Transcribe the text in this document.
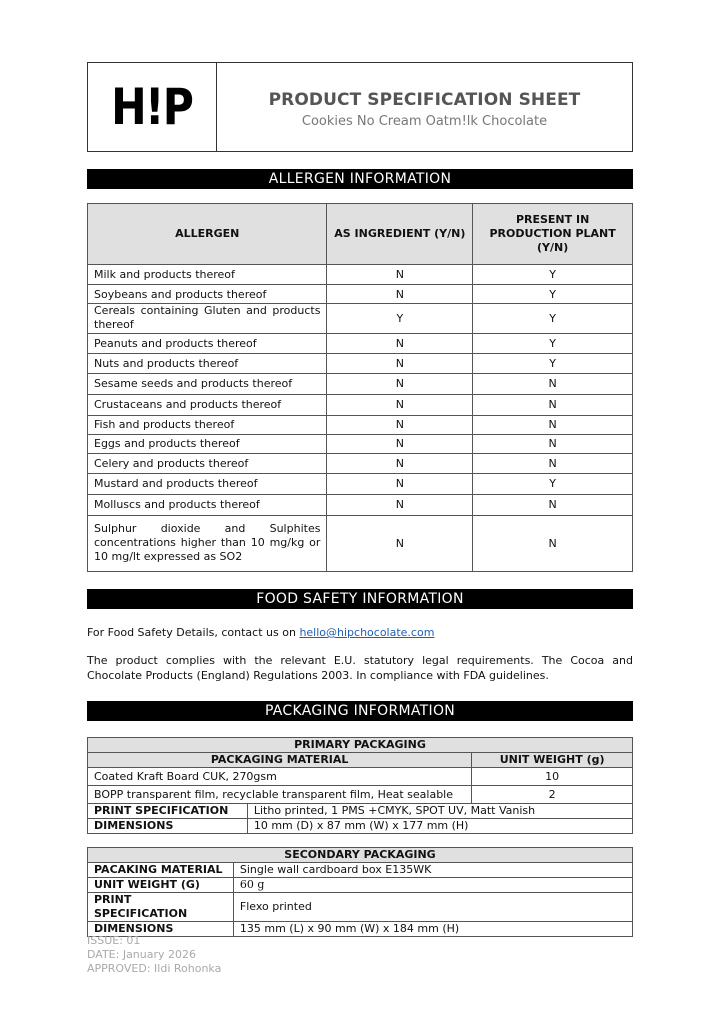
H!P	PRODUCT SPECIFICATION SHEET
Cookies No Cream Oatm!lk Chocolate
ALLERGEN INFORMATION
ALLERGEN	AS INGREDIENT (Y/N)	PRESENT IN PRODUCTION PLANT (Y/N)
Milk and products thereof	N	Y
Soybeans and products thereof	N	Y
Cereals containing Gluten and products thereof	Y	Y
Peanuts and products thereof	N	Y
Nuts and products thereof	N	Y
Sesame seeds and products thereof	N	N
Crustaceans and products thereof	N	N
Fish and products thereof	N	N
Eggs and products thereof	N	N
Celery and products thereof	N	N
Mustard and products thereof	N	Y
Molluscs and products thereof	N	N
Sulphur dioxide and Sulphites concentrations higher than 10 mg/kg or 10 mg/lt expressed as SO2	N	N
FOOD SAFETY INFORMATION
For Food Safety Details, contact us on hello@hipchocolate.com
The product complies with the relevant E.U. statutory legal requirements. The Cocoa and Chocolate Products (England) Regulations 2003. In compliance with FDA guidelines.
PACKAGING INFORMATION
PRIMARY PACKAGING		
PACKAGING MATERIAL		UNIT WEIGHT (g)
Coated Kraft Board CUK, 270gsm		10
BOPP transparent film, recyclable transparent film, Heat sealable		2
PRINT SPECIFICATION	Litho printed, 1 PMS +CMYK, SPOT UV, Matt Vanish	
DIMENSIONS	10 mm (D) x 87 mm (W) x 177 mm (H)	
SECONDARY PACKAGING	
PACAKING MATERIAL	Single wall cardboard box E135WK
UNIT WEIGHT (G)	60 g
PRINT SPECIFICATION	Flexo printed
DIMENSIONS	135 mm (L) x 90 mm (W) x 184 mm (H)
ISSUE: 01
DATE: January 2026
APPROVED: Ildi Rohonka
